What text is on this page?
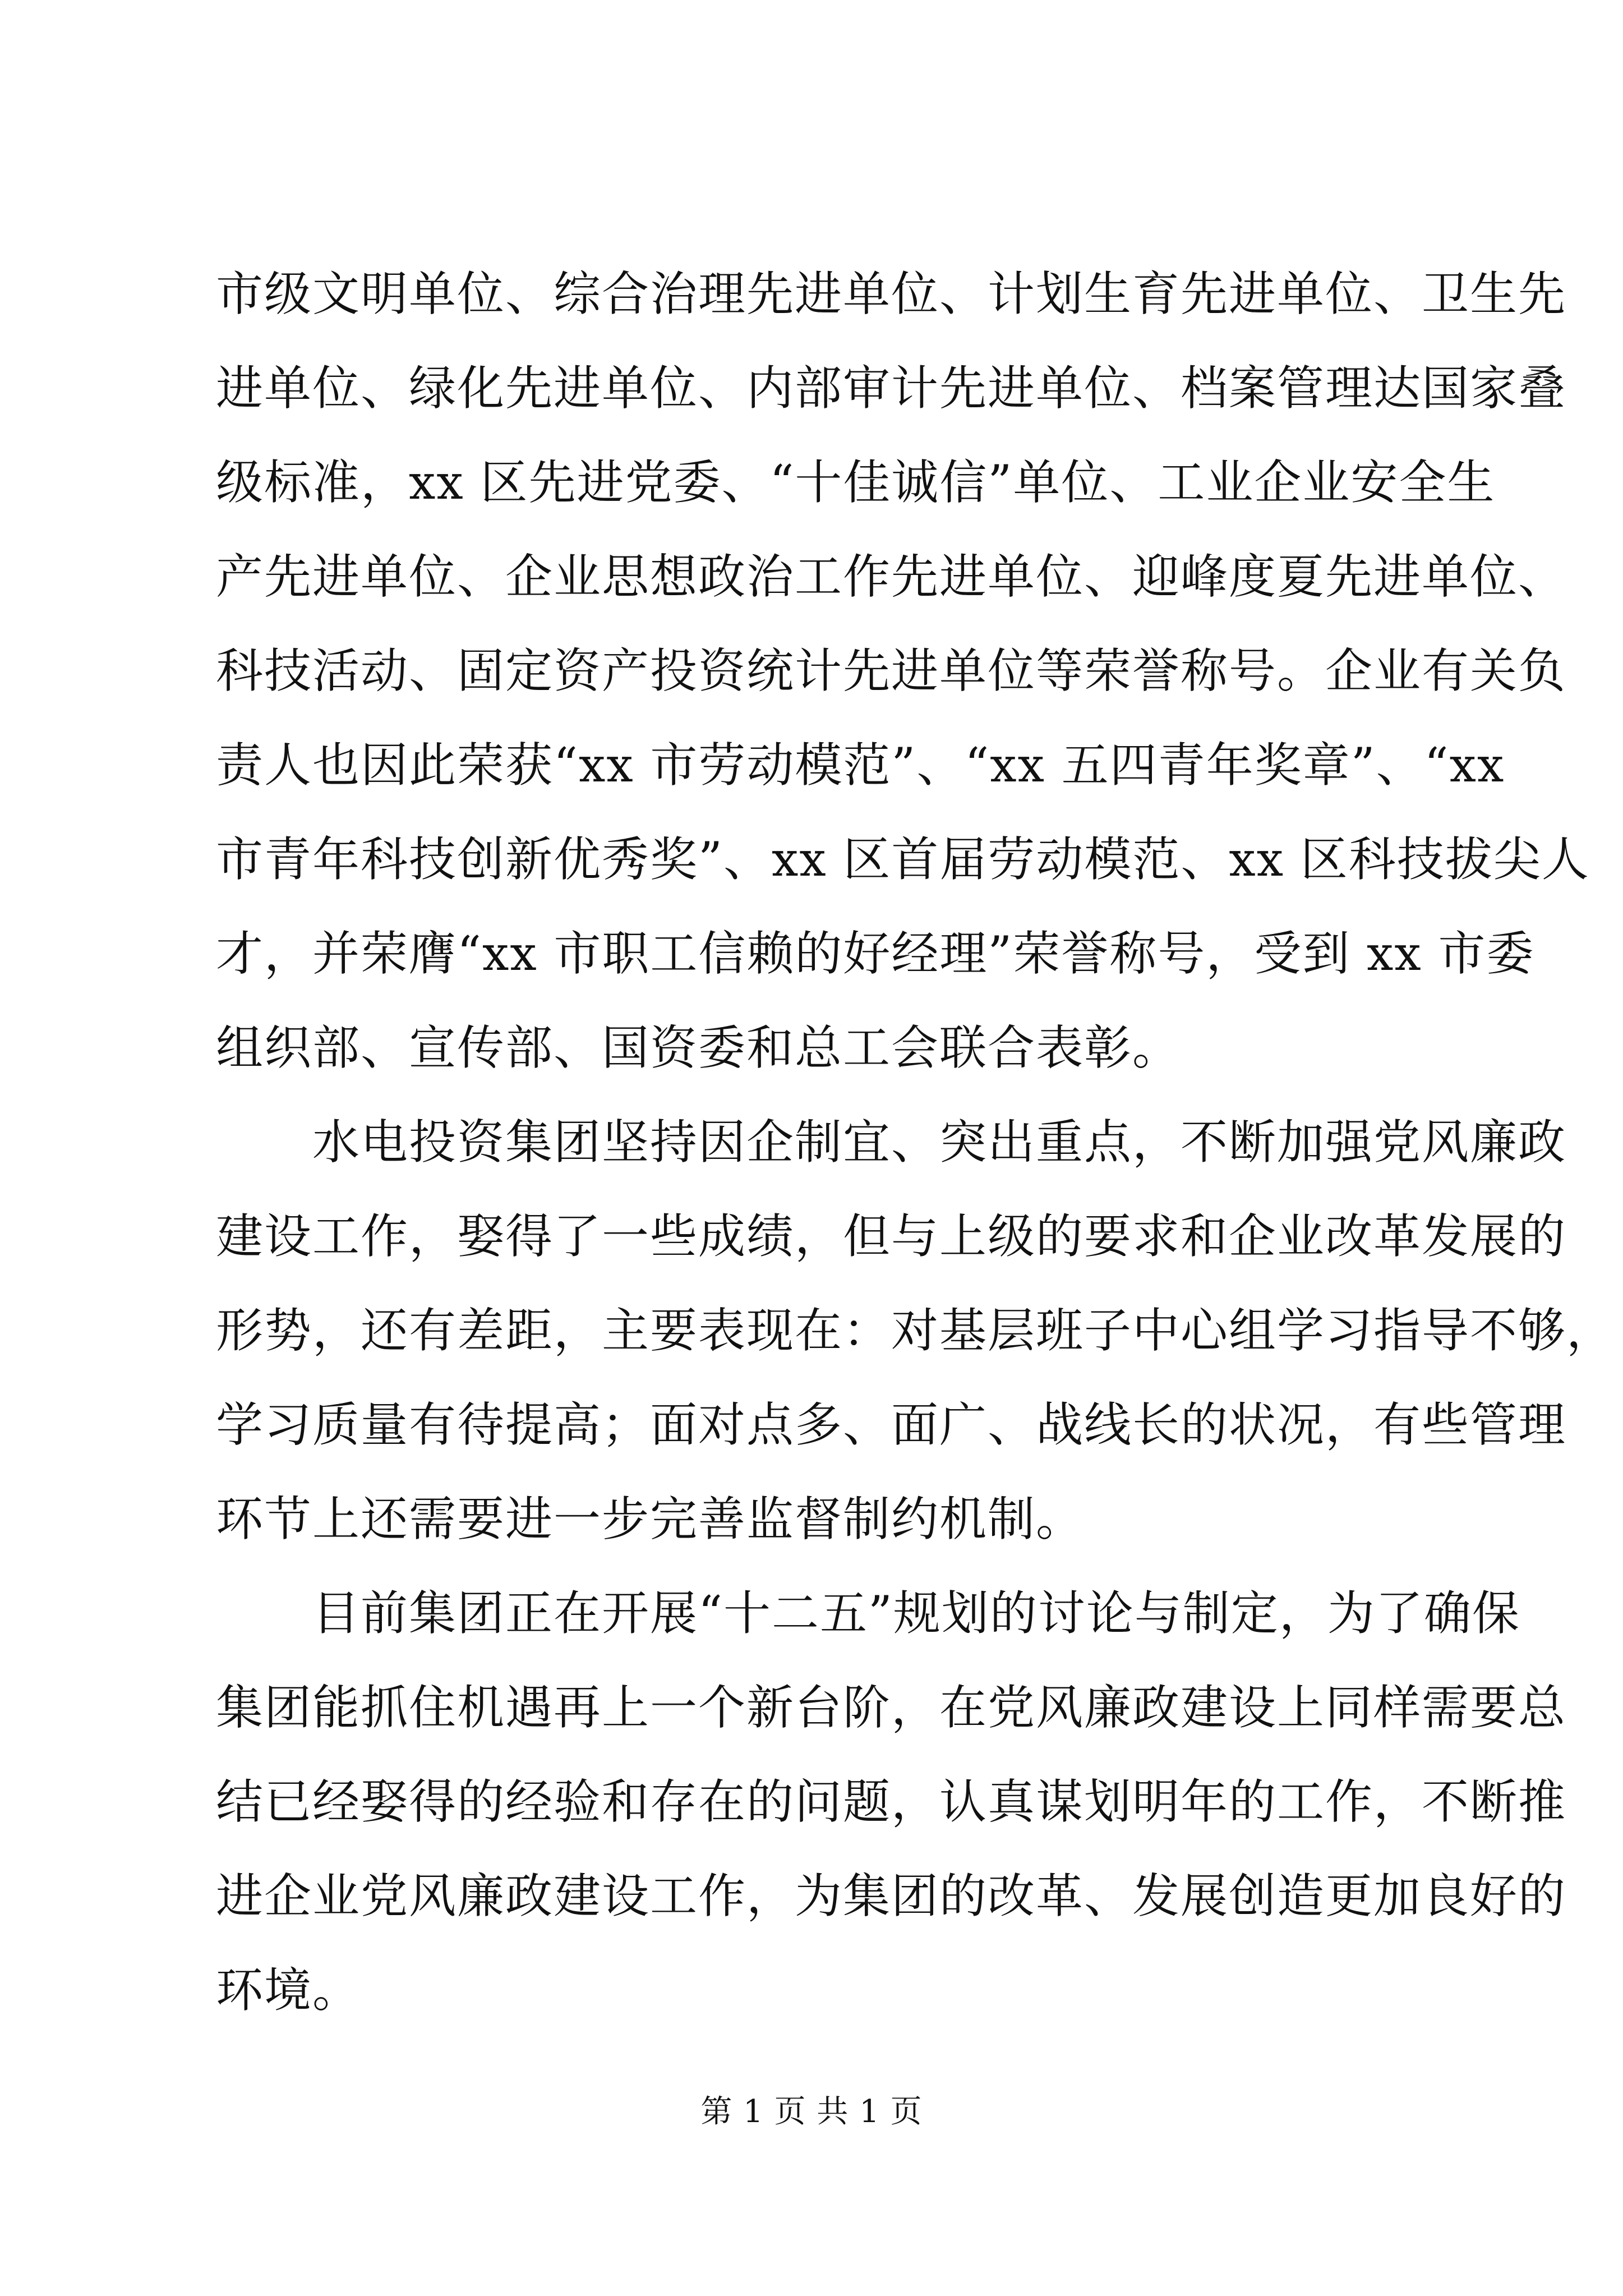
市级文明单位、综合治理先进单位、计划生育先进单位、卫生先
进单位、绿化先进单位、内部审计先进单位、档案管理达国家叠
级标准，xx 区先进党委、“十佳诚信”单位、工业企业安全生
产先进单位、企业思想政治工作先进单位、迎峰度夏先进单位、
科技活动、固定资产投资统计先进单位等荣誉称号。企业有关负
责人也因此荣获“xx 市劳动模范”、“xx 五四青年奖章”、“xx
市青年科技创新优秀奖”、xx 区首届劳动模范、xx 区科技拔尖人
才，并荣膺“xx 市职工信赖的好经理”荣誉称号，受到 xx 市委
组织部、宣传部、国资委和总工会联合表彰。
　　水电投资集团坚持因企制宜、突出重点，不断加强党风廉政
建设工作，娶得了一些成绩，但与上级的要求和企业改革发展的
形势，还有差距，主要表现在：对基层班子中心组学习指导不够，
学习质量有待提高；面对点多、面广、战线长的状况，有些管理
环节上还需要进一步完善监督制约机制。
　　目前集团正在开展“十二五”规划的讨论与制定，为了确保
集团能抓住机遇再上一个新台阶，在党风廉政建设上同样需要总
结已经娶得的经验和存在的问题，认真谋划明年的工作，不断推
进企业党风廉政建设工作，为集团的改革、发展创造更加良好的
环境。
第 1 页 共 1 页
